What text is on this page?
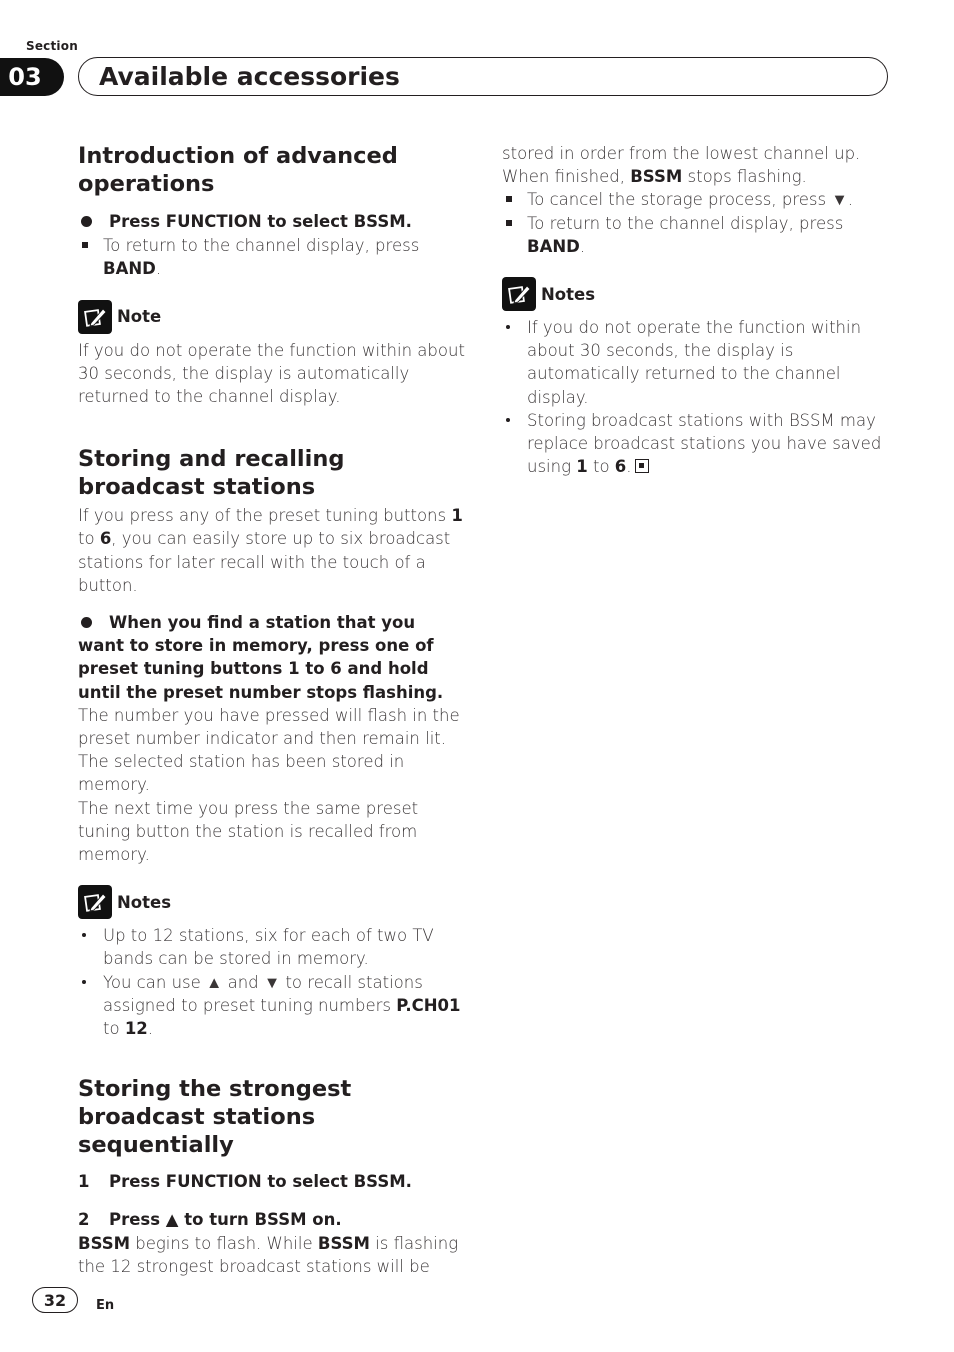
Section
03	Available accessories
Introduction of advanced operations
Press FUNCTION to select BSSM.
To return to the channel display, press BAND.
Note

If you do not operate the function within about 30 seconds, the display is automatically returned to the channel display.

Storing and recalling broadcast stations

If you press any of the preset tuning buttons 1 to 6, you can easily store up to six broadcast stations for later recall with the touch of a button.

When you find a station that you want to store in memory, press one of preset tuning buttons 1 to 6 and hold until the preset number stops flashing.

The number you have pressed will flash in the preset number indicator and then remain lit. The selected station has been stored in memory.

The next time you press the same preset tuning button the station is recalled from memory.

Notes
Up to 12 stations, six for each of two TV bands can be stored in memory.
You can use ▲ and ▼ to recall stations assigned to preset tuning numbers P.CH01 to 12.
Storing the strongest broadcast stations sequentially
1 Press FUNCTION to select BSSM.
2 Press ▲ to turn BSSM on.

BSSM begins to flash. While BSSM is flashing the 12 strongest broadcast stations will be

stored in order from the lowest channel up. When finished, BSSM stops flashing.

To cancel the storage process, press ▼.
To return to the channel display, press BAND.
Notes
If you do not operate the function within about 30 seconds, the display is automatically returned to the channel display.
Storing broadcast stations with BSSM may replace broadcast stations you have saved using 1 to 6.
32	En
